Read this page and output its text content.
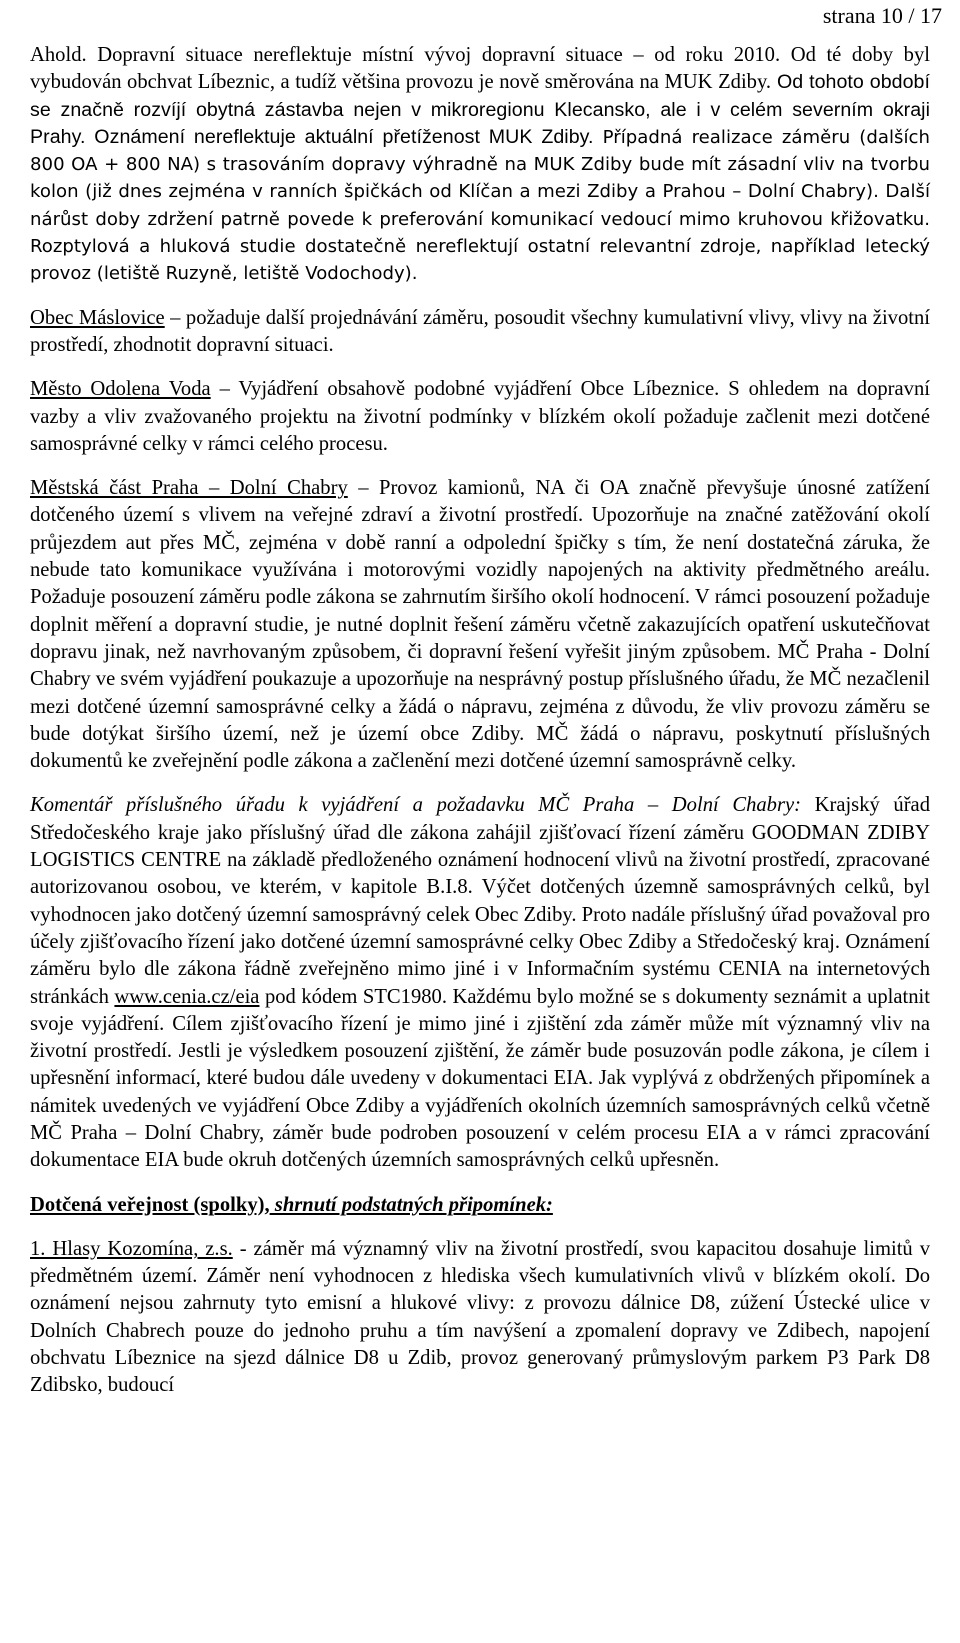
strana 10 / 17

Ahold. Dopravní situace nereflektuje místní vývoj dopravní situace – od roku 2010. Od té doby byl vybudován obchvat Líbeznic, a tudíž většina provozu je nově směrována na MUK Zdiby. Od tohoto období se značně rozvíjí obytná zástavba nejen v mikroregionu Klecansko, ale i v celém severním okraji Prahy. Oznámení nereflektuje aktuální přetíženost MUK Zdiby. Případná realizace záměru (dalších 800 OA + 800 NA) s trasováním dopravy výhradně na MUK Zdiby bude mít zásadní vliv na tvorbu kolon (již dnes zejména v ranních špičkách od Klíčan a mezi Zdiby a Prahou – Dolní Chabry). Další nárůst doby zdržení patrně povede k preferování komunikací vedoucí mimo kruhovou křižovatku. Rozptylová a hluková studie dostatečně nereflektují ostatní relevantní zdroje, například letecký provoz (letiště Ruzyně, letiště Vodochody).

Obec Máslovice – požaduje další projednávání záměru, posoudit všechny kumulativní vlivy, vlivy na životní prostředí, zhodnotit dopravní situaci.

Město Odolena Voda – Vyjádření obsahově podobné vyjádření Obce Líbeznice. S ohledem na dopravní vazby a vliv zvažovaného projektu na životní podmínky v blízkém okolí požaduje začlenit mezi dotčené samosprávné celky v rámci celého procesu.

Městská část Praha – Dolní Chabry – Provoz kamionů, NA či OA značně převyšuje únosné zatížení dotčeného území s vlivem na veřejné zdraví a životní prostředí. Upozorňuje na značné zatěžování okolí průjezdem aut přes MČ, zejména v době ranní a odpolední špičky s tím, že není dostatečná záruka, že nebude tato komunikace využívána i motorovými vozidly napojených na aktivity předmětného areálu. Požaduje posouzení záměru podle zákona se zahrnutím širšího okolí hodnocení. V rámci posouzení požaduje doplnit měření a dopravní studie, je nutné doplnit řešení záměru včetně zakazujících opatření uskutečňovat dopravu jinak, než navrhovaným způsobem, či dopravní řešení vyřešit jiným způsobem. MČ Praha - Dolní Chabry ve svém vyjádření poukazuje a upozorňuje na nesprávný postup příslušného úřadu, že MČ nezačlenil mezi dotčené územní samosprávné celky a žádá o nápravu, zejména z důvodu, že vliv provozu záměru se bude dotýkat širšího území, než je území obce Zdiby. MČ žádá o nápravu, poskytnutí příslušných dokumentů ke zveřejnění podle zákona a začlenění mezi dotčené územní samosprávně celky.

Komentář příslušného úřadu k vyjádření a požadavku MČ Praha – Dolní Chabry: Krajský úřad Středočeského kraje jako příslušný úřad dle zákona zahájil zjišťovací řízení záměru GOODMAN ZDIBY LOGISTICS CENTRE na základě předloženého oznámení hodnocení vlivů na životní prostředí, zpracované autorizovanou osobou, ve kterém, v kapitole B.I.8. Výčet dotčených územně samosprávných celků, byl vyhodnocen jako dotčený územní samosprávný celek Obec Zdiby. Proto nadále příslušný úřad považoval pro účely zjišťovacího řízení jako dotčené územní samosprávné celky Obec Zdiby a Středočeský kraj. Oznámení záměru bylo dle zákona řádně zveřejněno mimo jiné i v Informačním systému CENIA na internetových stránkách www.cenia.cz/eia pod kódem STC1980. Každému bylo možné se s dokumenty seznámit a uplatnit svoje vyjádření. Cílem zjišťovacího řízení je mimo jiné i zjištění zda záměr může mít významný vliv na životní prostředí. Jestli je výsledkem posouzení zjištění, že záměr bude posuzován podle zákona, je cílem i upřesnění informací, které budou dále uvedeny v dokumentaci EIA. Jak vyplývá z obdržených připomínek a námitek uvedených ve vyjádření Obce Zdiby a vyjádřeních okolních územních samosprávných celků včetně MČ Praha – Dolní Chabry, záměr bude podroben posouzení v celém procesu EIA a v rámci zpracování dokumentace EIA bude okruh dotčených územních samosprávných celků upřesněn.

Dotčená veřejnost (spolky), shrnutí podstatných připomínek:

1. Hlasy Kozomína, z.s. - záměr má významný vliv na životní prostředí, svou kapacitou dosahuje limitů v předmětném území. Záměr není vyhodnocen z hlediska všech kumulativních vlivů v blízkém okolí. Do oznámení nejsou zahrnuty tyto emisní a hlukové vlivy: z provozu dálnice D8, zúžení Ústecké ulice v Dolních Chabrech pouze do jednoho pruhu a tím navýšení a zpomalení dopravy ve Zdibech, napojení obchvatu Líbeznice na sjezd dálnice D8 u Zdib, provoz generovaný průmyslovým parkem P3 Park D8 Zdibsko, budoucí
